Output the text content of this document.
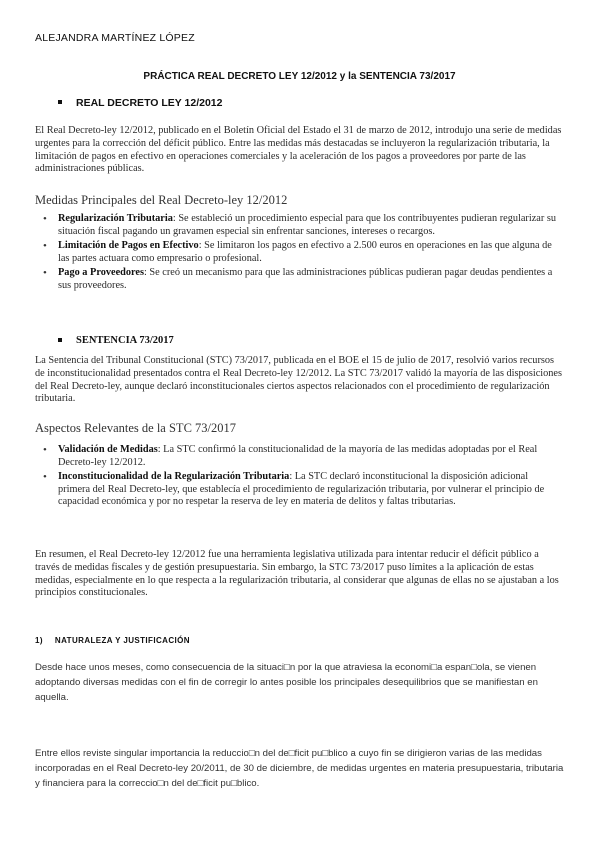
ALEJANDRA MARTÍNEZ LÓPEZ
PRÁCTICA REAL DECRETO LEY 12/2012 y la SENTENCIA 73/2017
REAL DECRETO LEY 12/2012

El Real Decreto-ley 12/2012, publicado en el Boletín Oficial del Estado el 31 de marzo de 2012, introdujo una serie de medidas urgentes para la corrección del déficit público. Entre las medidas más destacadas se incluyeron la regularización tributaria, la limitación de pagos en efectivo en operaciones comerciales y la aceleración de los pagos a proveedores por parte de las administraciones públicas.

Medidas Principales del Real Decreto-ley 12/2012
• Regularización Tributaria: Se estableció un procedimiento especial para que los contribuyentes pudieran regularizar su situación fiscal pagando un gravamen especial sin enfrentar sanciones, intereses o recargos.
• Limitación de Pagos en Efectivo: Se limitaron los pagos en efectivo a 2.500 euros en operaciones en las que alguna de las partes actuara como empresario o profesional.
• Pago a Proveedores: Se creó un mecanismo para que las administraciones públicas pudieran pagar deudas pendientes a sus proveedores.
SENTENCIA 73/2017

La Sentencia del Tribunal Constitucional (STC) 73/2017, publicada en el BOE el 15 de julio de 2017, resolvió varios recursos de inconstitucionalidad presentados contra el Real Decreto-ley 12/2012. La STC 73/2017 validó la mayoría de las disposiciones del Real Decreto-ley, aunque declaró inconstitucionales ciertos aspectos relacionados con el procedimiento de regularización tributaria.

Aspectos Relevantes de la STC 73/2017
• Validación de Medidas: La STC confirmó la constitucionalidad de la mayoría de las medidas adoptadas por el Real Decreto-ley 12/2012.
• Inconstitucionalidad de la Regularización Tributaria: La STC declaró inconstitucional la disposición adicional primera del Real Decreto-ley, que establecía el procedimiento de regularización tributaria, por vulnerar el principio de capacidad económica y por no respetar la reserva de ley en materia de delitos y faltas tributarias.

En resumen, el Real Decreto-ley 12/2012 fue una herramienta legislativa utilizada para intentar reducir el déficit público a través de medidas fiscales y de gestión presupuestaria. Sin embargo, la STC 73/2017 puso límites a la aplicación de estas medidas, especialmente en lo que respecta a la regularización tributaria, al considerar que algunas de ellas no se ajustaban a los principios constitucionales.

1) NATURALEZA Y JUSTIFICACIÓN

Desde hace unos meses, como consecuencia de la situaci□n por la que atraviesa la economi□a espan□ola, se vienen adoptando diversas medidas con el fin de corregir lo antes posible los principales desequilibrios que se manifiestan en aquella.

Entre ellos reviste singular importancia la reduccio□n del de□ficit pu□blico a cuyo fin se dirigieron varias de las medidas incorporadas en el Real Decreto-ley 20/2011, de 30 de diciembre, de medidas urgentes en materia presupuestaria, tributaria y financiera para la correccio□n del de□ficit pu□blico.
